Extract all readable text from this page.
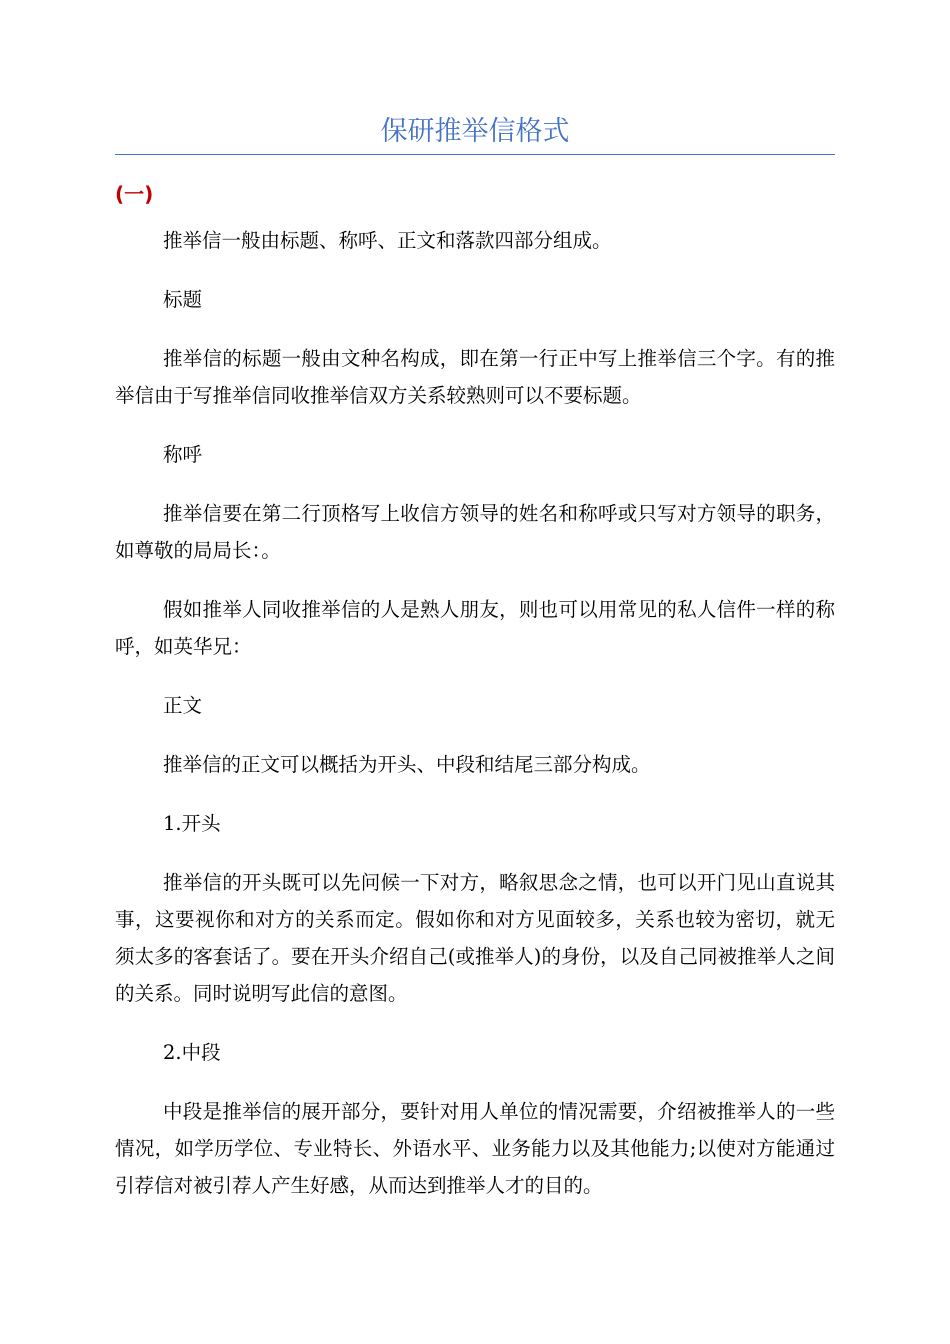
保研推举信格式
(一)

推举信一般由标题、称呼、正文和落款四部分组成。

标题

推举信的标题一般由文种名构成，即在第一行正中写上推举信三个字。有的推举信由于写推举信同收推举信双方关系较熟则可以不要标题。

称呼

推举信要在第二行顶格写上收信方领导的姓名和称呼或只写对方领导的职务，如尊敬的局局长：。

假如推举人同收推举信的人是熟人朋友，则也可以用常见的私人信件一样的称呼，如英华兄：

正文

推举信的正文可以概括为开头、中段和结尾三部分构成。

1.开头

推举信的开头既可以先问候一下对方，略叙思念之情，也可以开门见山直说其事，这要视你和对方的关系而定。假如你和对方见面较多，关系也较为密切，就无须太多的客套话了。要在开头介绍自己(或推举人)的身份，以及自己同被推举人之间的关系。同时说明写此信的意图。

2.中段

中段是推举信的展开部分，要针对用人单位的情况需要，介绍被推举人的一些情况，如学历学位、专业特长、外语水平、业务能力以及其他能力;以使对方能通过引荐信对被引荐人产生好感，从而达到推举人才的目的。
